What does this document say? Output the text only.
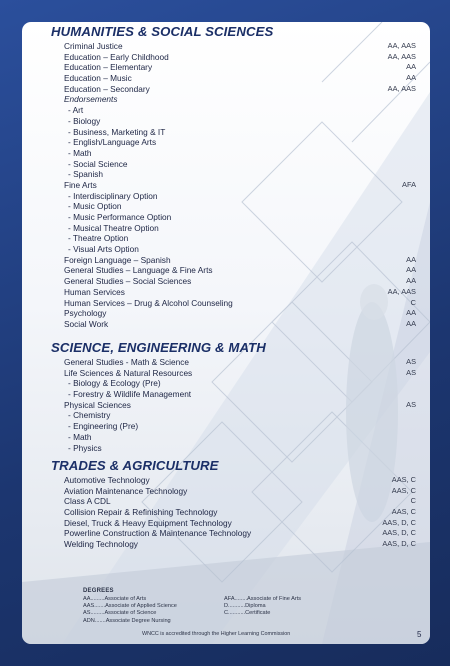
HUMANITIES & SOCIAL SCIENCES
Criminal Justice	AA, AAS
Education – Early Childhood	AA, AAS
Education – Elementary	AA
Education – Music	AA
Education – Secondary	AA, AAS
Endorsements
- Art
- Biology
- Business, Marketing & IT
- English/Language Arts
- Math
- Social Science
- Spanish
Fine Arts	AFA
- Interdisciplinary Option
- Music Option
- Music Performance Option
- Musical Theatre Option
- Theatre Option
- Visual Arts Option
Foreign Language – Spanish	AA
General Studies – Language & Fine Arts	AA
General Studies – Social Sciences	AA
Human Services	AA, AAS
Human Services – Drug & Alcohol Counseling	C
Psychology	AA
Social Work	AA
SCIENCE, ENGINEERING & MATH
General Studies - Math & Science	AS
Life Sciences & Natural Resources	AS
- Biology & Ecology (Pre)
- Forestry & Wildlife Management
Physical Sciences	AS
- Chemistry
- Engineering (Pre)
- Math
- Physics
TRADES & AGRICULTURE
Automotive Technology	AAS, C
Aviation Maintenance Technology	AAS, C
Class A CDL	C
Collision Repair & Refinishing Technology	AAS, C
Diesel, Truck & Heavy Equipment Technology	AAS, D, C
Powerline Construction & Maintenance Technology	AAS, D, C
Welding Technology	AAS, D, C
DEGREES
AA.........Associate of Arts
AAS.......Associate of Applied Science
AS.........Associate of Science
ADN.......Associate Degree Nursing
AFA........Associate of Fine Arts
D...........Diploma
C...........Certificate
WNCC is accredited through the Higher Learning Commission	5
